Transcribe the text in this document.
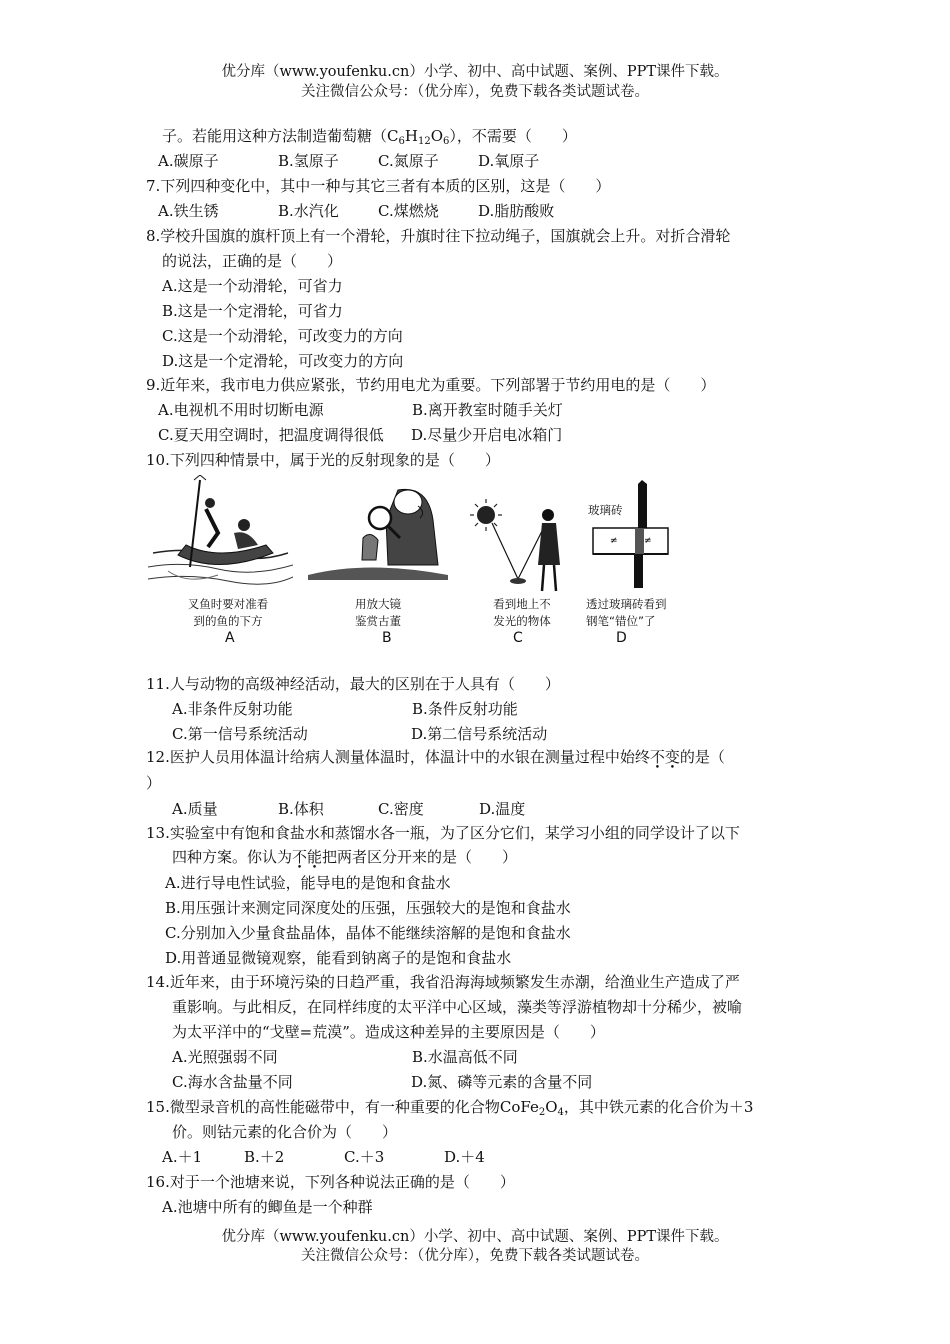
优分库（www.youfenku.cn）小学、初中、高中试题、案例、PPT课件下载。
关注微信公众号：（优分库），免费下载各类试题试卷。
子。若能用这种方法制造葡萄糖$(C_6H_{12}O_6)$，不需要（　　）
A.碳原子	B.氢原子	C.氮原子	D.氧原子
7.下列四种变化中，其中一种与其它三者有本质的区别，这是（　　）
A.铁生锈	B.水汽化	C.煤燃烧	D.脂肪酸败
8.学校升国旗的旗杆顶上有一个滑轮，升旗时往下拉动绳子，国旗就会上升。对折合滑轮
的说法，正确的是（　　）
A.这是一个动滑轮，可省力
B.这是一个定滑轮，可省力
C.这是一个动滑轮，可改变力的方向
D.这是一个定滑轮，可改变力的方向
9.近年来，我市电力供应紧张，节约用电尤为重要。下列部署于节约用电的是（　　）
A.电视机不用时切断电源	B.离开教室时随手关灯
C.夏天用空调时，把温度调得很低 D.尽量少开启电冰箱门
10.下列四种情景中，属于光的反射现象的是（　　）
叉鱼时要对准看
到的鱼的下方
A
用放大镜
鉴赏古董
B
看到地上不
发光的物体
C
≠	≠
玻璃砖
透过玻璃砖看到
钢笔“错位”了
D
11.人与动物的高级神经活动，最大的区别在于人具有（　　）
A.非条件反射功能	B.条件反射功能
C.第一信号系统活动	D.第二信号系统活动
12.医护人员用体温计给病人测量体温时，体温计中的水银在测量过程中始终不变的是（
）
A.质量	B.体积	C.密度	D.温度
13.实验室中有饱和食盐水和蒸馏水各一瓶，为了区分它们，某学习小组的同学设计了以下
四种方案。你认为不能把两者区分开来的是（　　）
A.进行导电性试验，能导电的是饱和食盐水
B.用压强计来测定同深度处的压强，压强较大的是饱和食盐水
C.分别加入少量食盐晶体，晶体不能继续溶解的是饱和食盐水
D.用普通显微镜观察，能看到钠离子的是饱和食盐水
14.近年来，由于环境污染的日趋严重，我省沿海海域频繁发生赤潮，给渔业生产造成了严
重影响。与此相反，在同样纬度的太平洋中心区域，藻类等浮游植物却十分稀少，被喻
为太平洋中的“戈壁=荒漠”。造成这种差异的主要原因是（　　）
A.光照强弱不同	B.水温高低不同
C.海水含盐量不同	D.氮、磷等元素的含量不同
15.微型录音机的高性能磁带中，有一种重要的化合物$CoFe_2O_4$，其中铁元素的化合价为＋3
价。则钴元素的化合价为（　　）
A.＋1	B.＋2	C.＋3	D.＋4
16.对于一个池塘来说，下列各种说法正确的是（　　）
A.池塘中所有的鲫鱼是一个种群
优分库（www.youfenku.cn）小学、初中、高中试题、案例、PPT课件下载。
关注微信公众号：（优分库），免费下载各类试题试卷。
